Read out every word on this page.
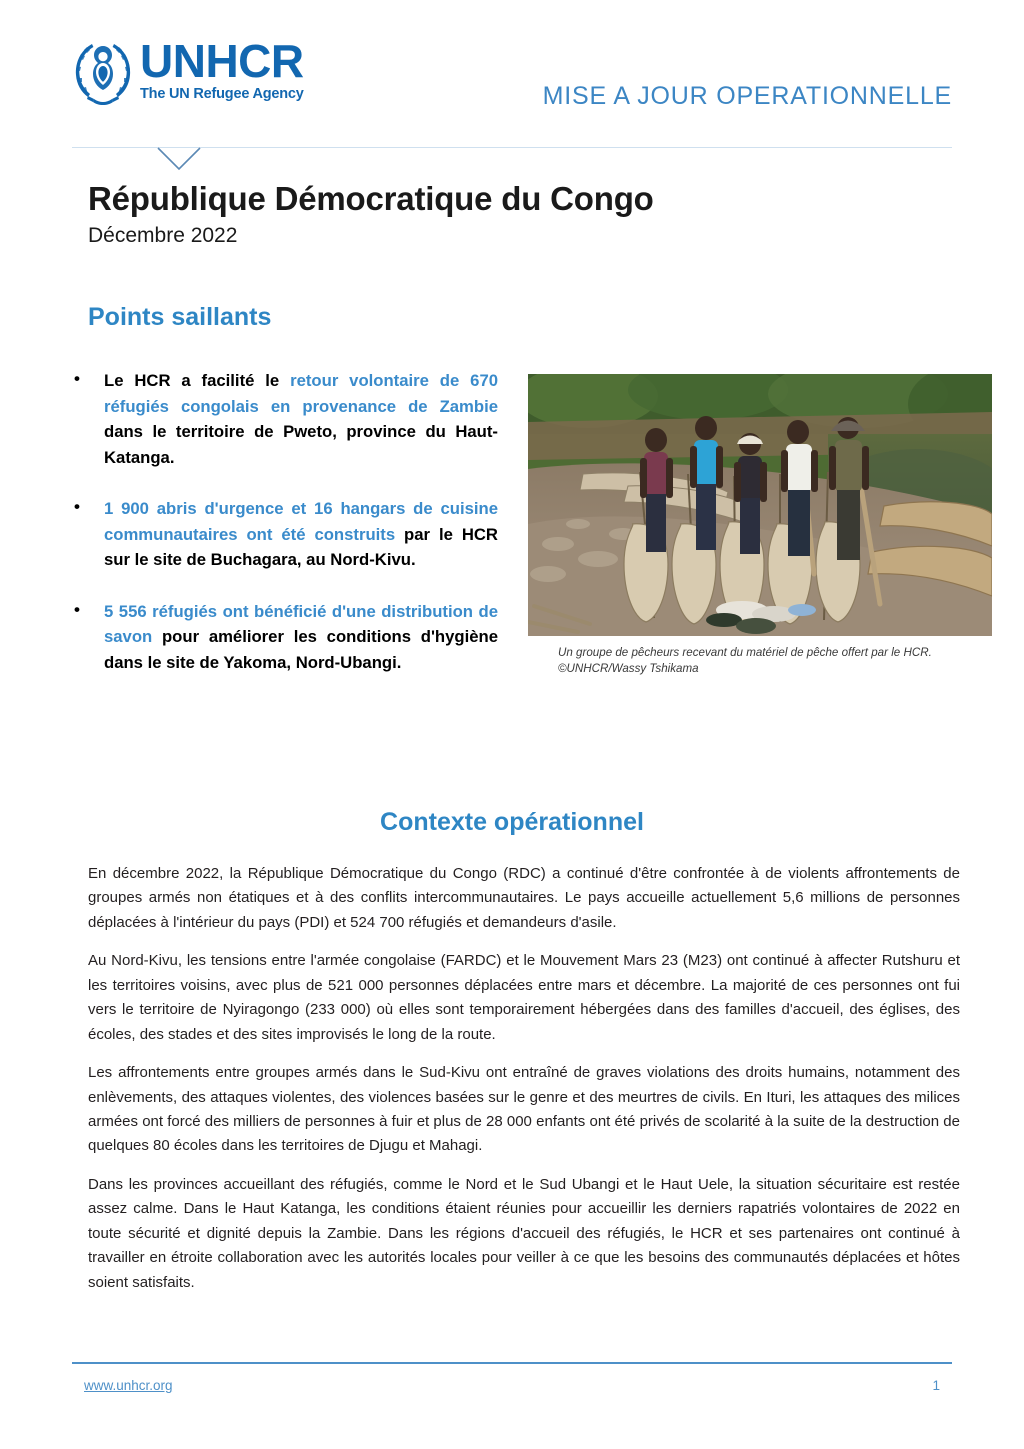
UNHCR
The UN Refugee Agency	MISE A JOUR OPERATIONNELLE
République Démocratique du Congo
Décembre 2022
Points saillants
• Le HCR a facilité le retour volontaire de 670 réfugiés congolais en provenance de Zambie dans le territoire de Pweto, province du Haut-Katanga.
• 1 900 abris d'urgence et 16 hangars de cuisine communautaires ont été construits par le HCR sur le site de Buchagara, au Nord-Kivu.
• 5 556 réfugiés ont bénéficié d'une distribution de savon pour améliorer les conditions d'hygiène dans le site de Yakoma, Nord-Ubangi.
Un groupe de pêcheurs recevant du matériel de pêche offert par le HCR. ©UNHCR/Wassy Tshikama
Contexte opérationnel

En décembre 2022, la République Démocratique du Congo (RDC) a continué d'être confrontée à de violents affrontements de groupes armés non étatiques et à des conflits intercommunautaires. Le pays accueille actuellement 5,6 millions de personnes déplacées à l'intérieur du pays (PDI) et 524 700 réfugiés et demandeurs d'asile.

Au Nord-Kivu, les tensions entre l'armée congolaise (FARDC) et le Mouvement Mars 23 (M23) ont continué à affecter Rutshuru et les territoires voisins, avec plus de 521 000 personnes déplacées entre mars et décembre. La majorité de ces personnes ont fui vers le territoire de Nyiragongo (233 000) où elles sont temporairement hébergées dans des familles d'accueil, des églises, des écoles, des stades et des sites improvisés le long de la route.

Les affrontements entre groupes armés dans le Sud-Kivu ont entraîné de graves violations des droits humains, notamment des enlèvements, des attaques violentes, des violences basées sur le genre et des meurtres de civils. En Ituri, les attaques des milices armées ont forcé des milliers de personnes à fuir et plus de 28 000 enfants ont été privés de scolarité à la suite de la destruction de quelques 80 écoles dans les territoires de Djugu et Mahagi.

Dans les provinces accueillant des réfugiés, comme le Nord et le Sud Ubangi et le Haut Uele, la situation sécuritaire est restée assez calme. Dans le Haut Katanga, les conditions étaient réunies pour accueillir les derniers rapatriés volontaires de 2022 en toute sécurité et dignité depuis la Zambie. Dans les régions d'accueil des réfugiés, le HCR et ses partenaires ont continué à travailler en étroite collaboration avec les autorités locales pour veiller à ce que les besoins des communautés déplacées et hôtes soient satisfaits.

www.unhcr.org	1
